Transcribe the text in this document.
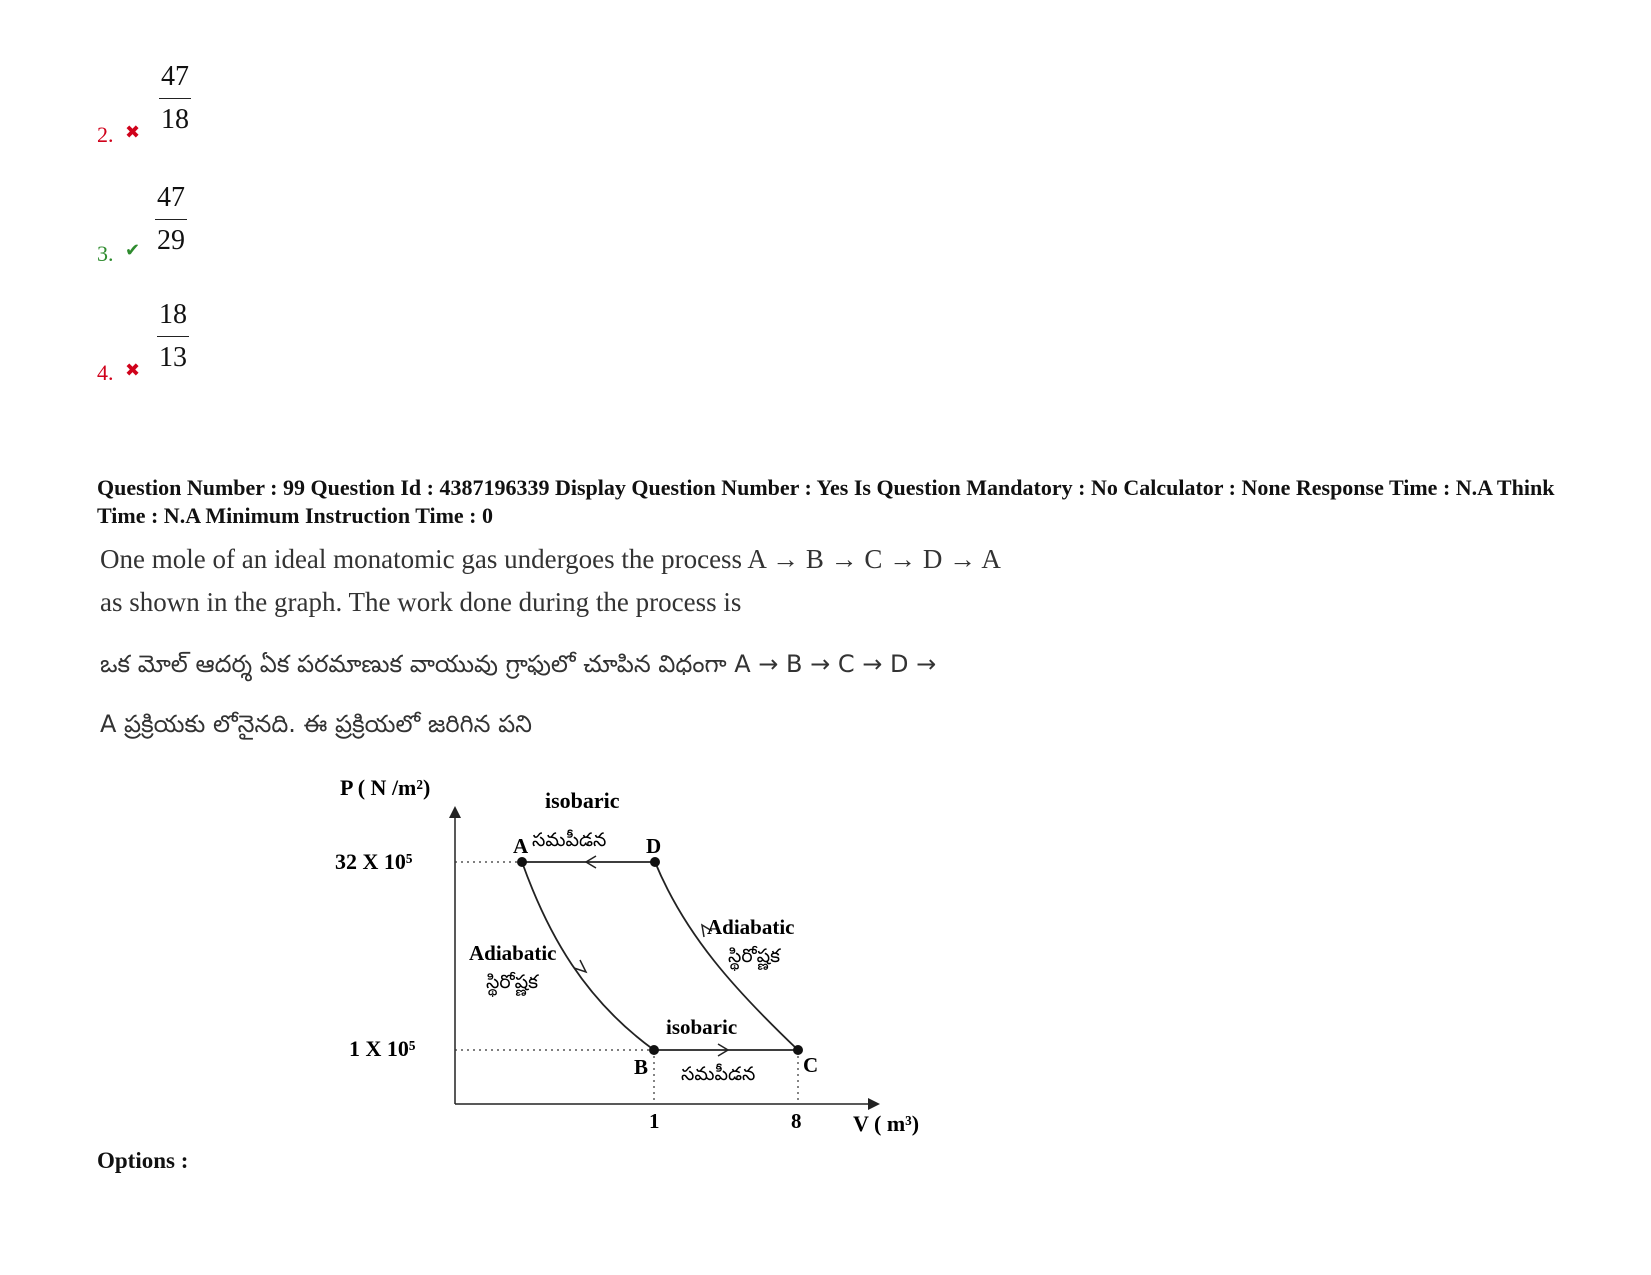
2. ✖ $\frac{47}{18}$
3. ✔ $\frac{47}{29}$
4. ✖ $\frac{18}{13}$
Question Number : 99 Question Id : 4387196339 Display Question Number : Yes Is Question Mandatory : No Calculator : None Response Time : N.A Think Time : N.A Minimum Instruction Time : 0
One mole of an ideal monatomic gas undergoes the process A → B → C → D → A
as shown in the graph. The work done during the process is
ఒక మోల్ ఆదర్శ ఏక పరమాణుక వాయువు గ్రాఫులో చూపిన విధంగా A → B → C → D →
A ప్రక్రియకు లోనైనది. ఈ ప్రక్రియలో జరిగిన పని
P ( N /m²)
V ( m³)
32 X 10⁵
1 X 10⁵
1	8
A	D
B	C
isobaric
సమపీడన
isobaric
సమపీడన
Adiabatic
స్థిరోష్ణక
Adiabatic
స్థిరోష్ణక
Options :
